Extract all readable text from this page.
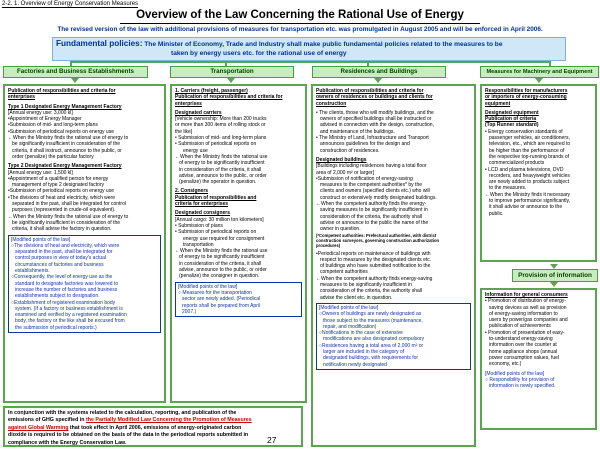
2-2. 1. Overview of Energy Conservation Measures
Overview of the Law Concerning the Rational Use of Energy
The revised version of the law with additional provisions of measures for transportation etc. was promulgated in August 2005 and will be enforced in April 2006.
Fundamental policies: The Minister of Economy, Trade and Industry shall make public fundamental policies related to the measures to be
taken by energy users etc. for the rational use of energy
Factories and Business Establishments	Transportation	Residences and Buildings	Measures for Machinery and Equipment
Publication of responsibilities and criteria for
enterprises
Type 1 Designated Energy Management Factory
[Annual energy use: 3,000 kl]
•Appointment of Energy Manager
•Submission of mid- and long-term plans
•Submission of periodical reports on energy use
←When the Ministry finds the rational use of energy to
be significantly insufficient in consideration of the
criteria, it shall instruct, announce to the public, or
order (penalize) the particular factory
Type 2 Designated Energy Management Factory
[Annual energy use: 1,500 kl]
•Appointment of a qualified person for energy
management of type 2 designated factory
•Submission of periodical reports on energy use
•The divisions of heat and electricity, which were
separated in the past, shall be integrated for control
purposes (represented in crude-oil equivalent).
←When the Ministry finds the rational use of energy to
be significantly insufficient in consideration of the
criteria, it shall advise the factory in question.
[Modified points of the law]
○The divisions of heat and electricity, which were
separated in the past, shall be integrated for
control purposes in view of today's actual
circumstances of factories and business
establishments.
○Consequently, the level of energy use as the
standard to designate factories was lowered to
increase the number of factories and business
establishments subject to designation.
○Establishment of registered examination body
system. (If a factory or business establishment is
examined and verified by a registered examination
body, the factory or the like shall be excused from
the submission of periodical reports.)
1. Carriers (freight, passenger)
Publication of responsibilities and criteria for
enterprises
Designated carriers
[Vehicle ownership: More than 200 trucks
or more than 300 items of rolling stock or
the like]
• Submission of mid- and long-term plans
• Submission of periodical reports on
energy use
←When the Ministry finds the rational use
of energy to be significantly insufficient
in consideration of the criteria, it shall
advise, announce to the public, or order
(penalize) the operator in question.
2. Consigners
Publication of responsibilities and
criteria for enterprises
Designated consigners
[Annual cargo: 30 million ton kilometers]
• Submission of plans
• Submission of periodical reports on
energy use required for consignment
transportation
←When the Ministry finds the rational use
of energy to be significantly insufficient
in consideration of the criteria, it shall
advise, announce to the public, or order
(penalize) the consigner in question.
[Modified points of the law]
○ Measures for the transportation
sector are newly added. (Periodical
reports shall be prepared from April
2007.)
Publication of responsibilities and criteria for
owners of residences or buildings and clients for
construction
• The clients, those who will modify buildings, and the
owners of specified buildings shall be instructed or
advised in connection with the design, construction,
and maintenance of the buildings.
• The Ministry of Land, Infrastructure and Transport
announces guidelines for the design and
construction of residences.
Designated buildings
[Buildings including residences having a total floor
area of 2,000 m² or larger]
•Submission of notification of energy-saving
measures to the competent authorities* by the
clients and owners (specified clients etc.) who will
construct or extensively modify designated buildings.
←When the competent authority finds the energy-
saving measures to be significantly insufficient in
consideration of the criteria, the authority shall
advise or announce to the public the name of the
owner in question.
(*Competent authorities: Prefectural authorities, with district
construction surveyors, governing construction authorization
procedures)
•Periodical reports on maintenance of buildings with
respect to measures by the designated clients etc.
of buildings who have submitted notification to the
competent authorities
←When the competent authority finds energy-saving
measures to be significantly insufficient in
consideration of the criteria, the authority shall
advise the client etc. in question.
[Modified points of the law]
○Owners of buildings are newly designated as
those subject to the measures (maintenance,
repair, and modification)
○Notifications in the case of extensive
modifications are also designated compulsory
○Residences having a total area of 2,000 m² or
larger are included in the category of
designated buildings, with requirements for
notification newly designated
Responsibilities for manufacturers
or importers of energy-consuming
equipment
Designated equipment
Publication of criteria
(Top Runner standard)
• Energy conservation standards of
passenger vehicles, air conditioners,
television, etc., which are required to
be higher than the performance of
the respective top-running brands of
commercialized products
• LCD and plasma televisions, DVD
recorders, and heavyweight vehicles
are newly added to products subject
to the measures.
←When the Ministry finds it necessary
to improve performance significantly,
it shall advise or announce to the
public.
Provision of information
Information for general consumers
• Promotion of distribution of energy-
saving devices as well as provision
of energy-saving information to
users by power/gas companies and
publication of achievements
• Promotion of presentation of easy-
to-understand energy-saving
information over the counter at
home appliance shops (annual
power consumption values, fuel
economy, etc.)
[Modified points of the law]
○ Responsibility for provision of
information is newly specified.
In conjunction with the systems related to the calculation, reporting, and publication of the
emissions of GHG specified in the Partially Modified Law Concerning the Promotion of Measures
against Global Warming that took effect in April 2006, emissions of energy-originated carbon
dioxide is required to be obtained on the basis of the data in the periodical reports submitted in
compliance with the Energy Conservation Law.	27
